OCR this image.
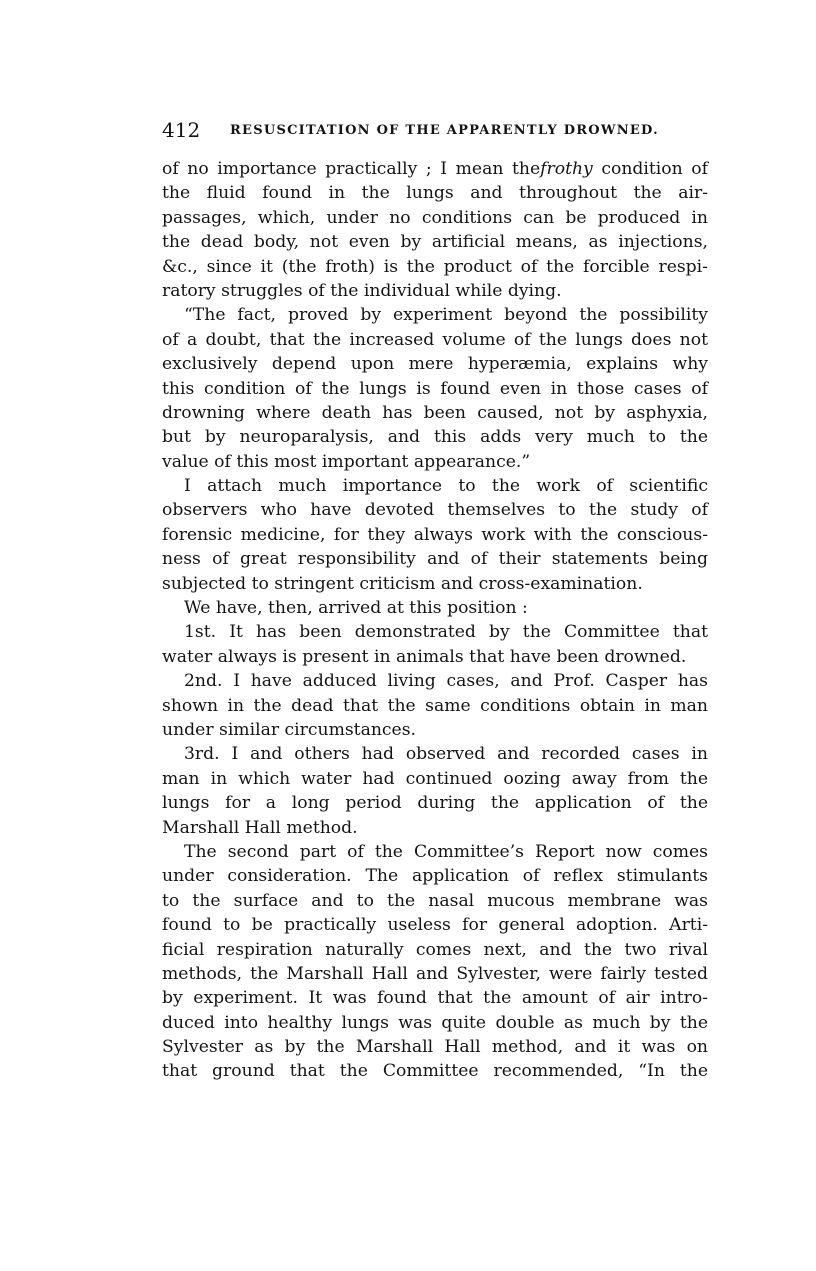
412 RESUSCITATION OF THE APPARENTLY DROWNED.
of no importance practically ; I mean thefrothy condition of
the fluid found in the lungs and throughout the air-
passages, which, under no conditions can be produced in
the dead body, not even by artificial means, as injections,
&c., since it (the froth) is the product of the forcible respi-
ratory struggles of the individual while dying.
“The fact, proved by experiment beyond the possibility
of a doubt, that the increased volume of the lungs does not
exclusively depend upon mere hyperæmia, explains why
this condition of the lungs is found even in those cases of
drowning where death has been caused, not by asphyxia,
but by neuroparalysis, and this adds very much to the
value of this most important appearance.”
I attach much importance to the work of scientific
observers who have devoted themselves to the study of
forensic medicine, for they always work with the conscious-
ness of great responsibility and of their statements being
subjected to stringent criticism and cross-examination.
We have, then, arrived at this position :
1st. It has been demonstrated by the Committee that
water always is present in animals that have been drowned.
2nd. I have adduced living cases, and Prof. Casper has
shown in the dead that the same conditions obtain in man
under similar circumstances.
3rd. I and others had observed and recorded cases in
man in which water had continued oozing away from the
lungs for a long period during the application of the
Marshall Hall method.
The second part of the Committee’s Report now comes
under consideration. The application of reflex stimulants
to the surface and to the nasal mucous membrane was
found to be practically useless for general adoption. Arti-
ficial respiration naturally comes next, and the two rival
methods, the Marshall Hall and Sylvester, were fairly tested
by experiment. It was found that the amount of air intro-
duced into healthy lungs was quite double as much by the
Sylvester as by the Marshall Hall method, and it was on
that ground that the Committee recommended, “In the
